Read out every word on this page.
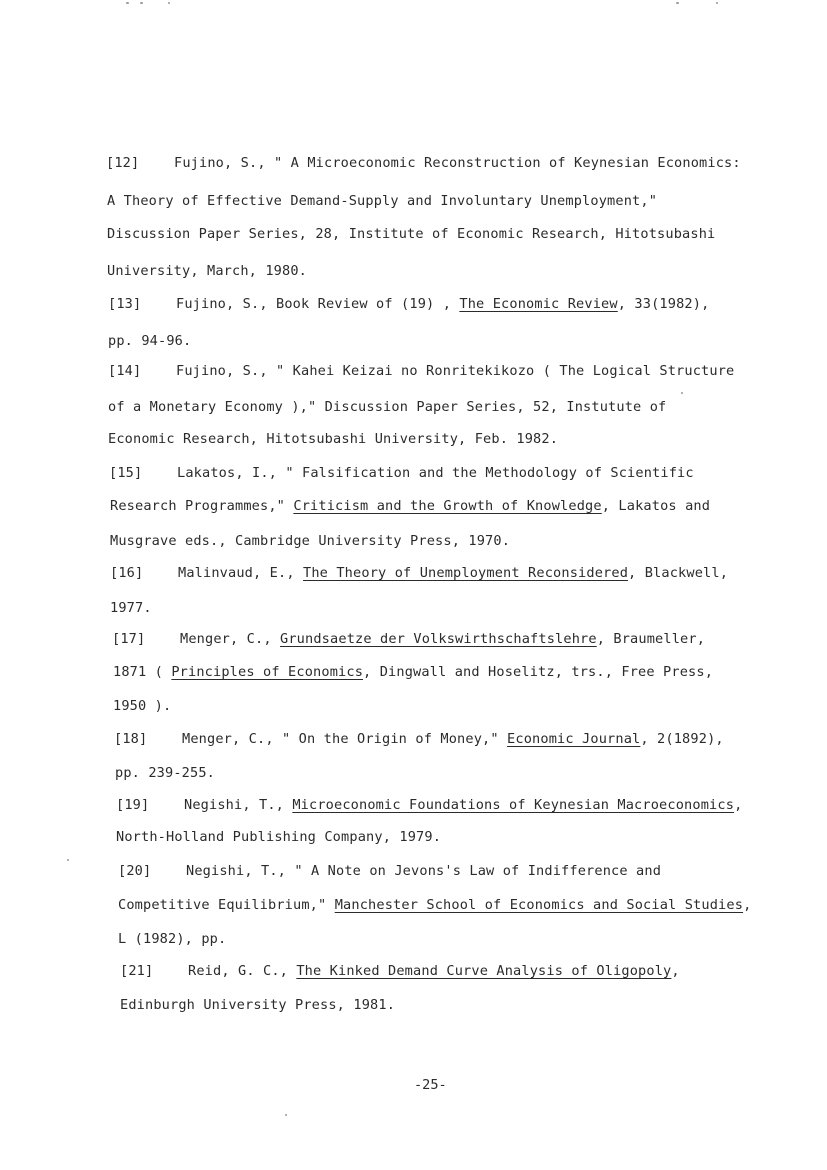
[12]	Fujino, S., " A Microeconomic Reconstruction of Keynesian Economics:
A Theory of Effective Demand-Supply and Involuntary Unemployment,"
Discussion Paper Series, 28, Institute of Economic Research, Hitotsubashi
University, March, 1980.
[13]	Fujino, S., Book Review of (19) , The Economic Review, 33(1982),
pp. 94-96.
[14]	Fujino, S., " Kahei Keizai no Ronritekikozo ( The Logical Structure
of a Monetary Economy )," Discussion Paper Series, 52, Instutute of
Economic Research, Hitotsubashi University, Feb. 1982.
[15]	Lakatos, I., " Falsification and the Methodology of Scientific
Research Programmes," Criticism and the Growth of Knowledge, Lakatos and
Musgrave eds., Cambridge University Press, 1970.
[16]	Malinvaud, E., The Theory of Unemployment Reconsidered, Blackwell,
1977.
[17]	Menger, C., Grundsaetze der Volkswirthschaftslehre, Braumeller,
1871 ( Principles of Economics, Dingwall and Hoselitz, trs., Free Press,
1950 ).
[18]	Menger, C., " On the Origin of Money," Economic Journal, 2(1892),
pp. 239-255.
[19]	Negishi, T., Microeconomic Foundations of Keynesian Macroeconomics,
North-Holland Publishing Company, 1979.
[20]	Negishi, T., " A Note on Jevons's Law of Indifference and
Competitive Equilibrium," Manchester School of Economics and Social Studies,
L (1982), pp.
[21]	Reid, G. C., The Kinked Demand Curve Analysis of Oligopoly,
Edinburgh University Press, 1981.
-25-
